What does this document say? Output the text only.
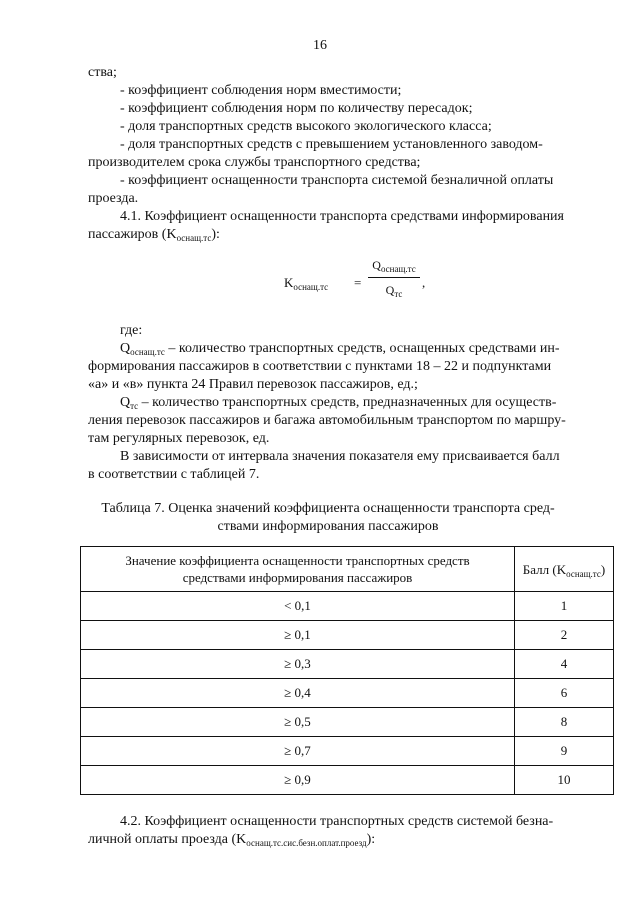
16

ства;

- коэффициент соблюдения норм вместимости;

- коэффициент соблюдения норм по количеству пересадок;

- доля транспортных средств высокого экологического класса;

- доля транспортных средств с превышением установленного заводом-

производителем срока службы транспортного средства;

- коэффициент оснащенности транспорта системой безналичной оплаты

проезда.

4.1. Коэффициент оснащенности транспорта средствами информирования

пассажиров $(K_{оснащ.тс})$:

$K_{оснащ.тс}$ =
$Q_{оснащ.тс}$
$Q_{тс}$
,

где:

$Q_{оснащ.тс}$ – количество транспортных средств, оснащенных средствами ин-

формирования пассажиров в соответствии с пунктами 18 – 22 и подпунктами

«а» и «в» пункта 24 Правил перевозок пассажиров, ед.;

$Q_{тс}$ – количество транспортных средств, предназначенных для осуществ-

ления перевозок пассажиров и багажа автомобильным транспортом по маршру-

там регулярных перевозок, ед.

В зависимости от интервала значения показателя ему присваивается балл

в соответствии с таблицей 7.

Таблица 7. Оценка значений коэффициента оснащенности транспорта сред-
ствами информирования пассажиров
Значение коэффициента оснащенности транспортных средств
средствами информирования пассажиров	Балл $(K_{оснащ.тс})$
< 0,1	1
≥ 0,1	2
≥ 0,3	4
≥ 0,4	6
≥ 0,5	8
≥ 0,7	9
≥ 0,9	10

4.2. Коэффициент оснащенности транспортных средств системой безна-

личной оплаты проезда $(K_{оснащ.тс.сис.безн.оплат.проезд})$:
